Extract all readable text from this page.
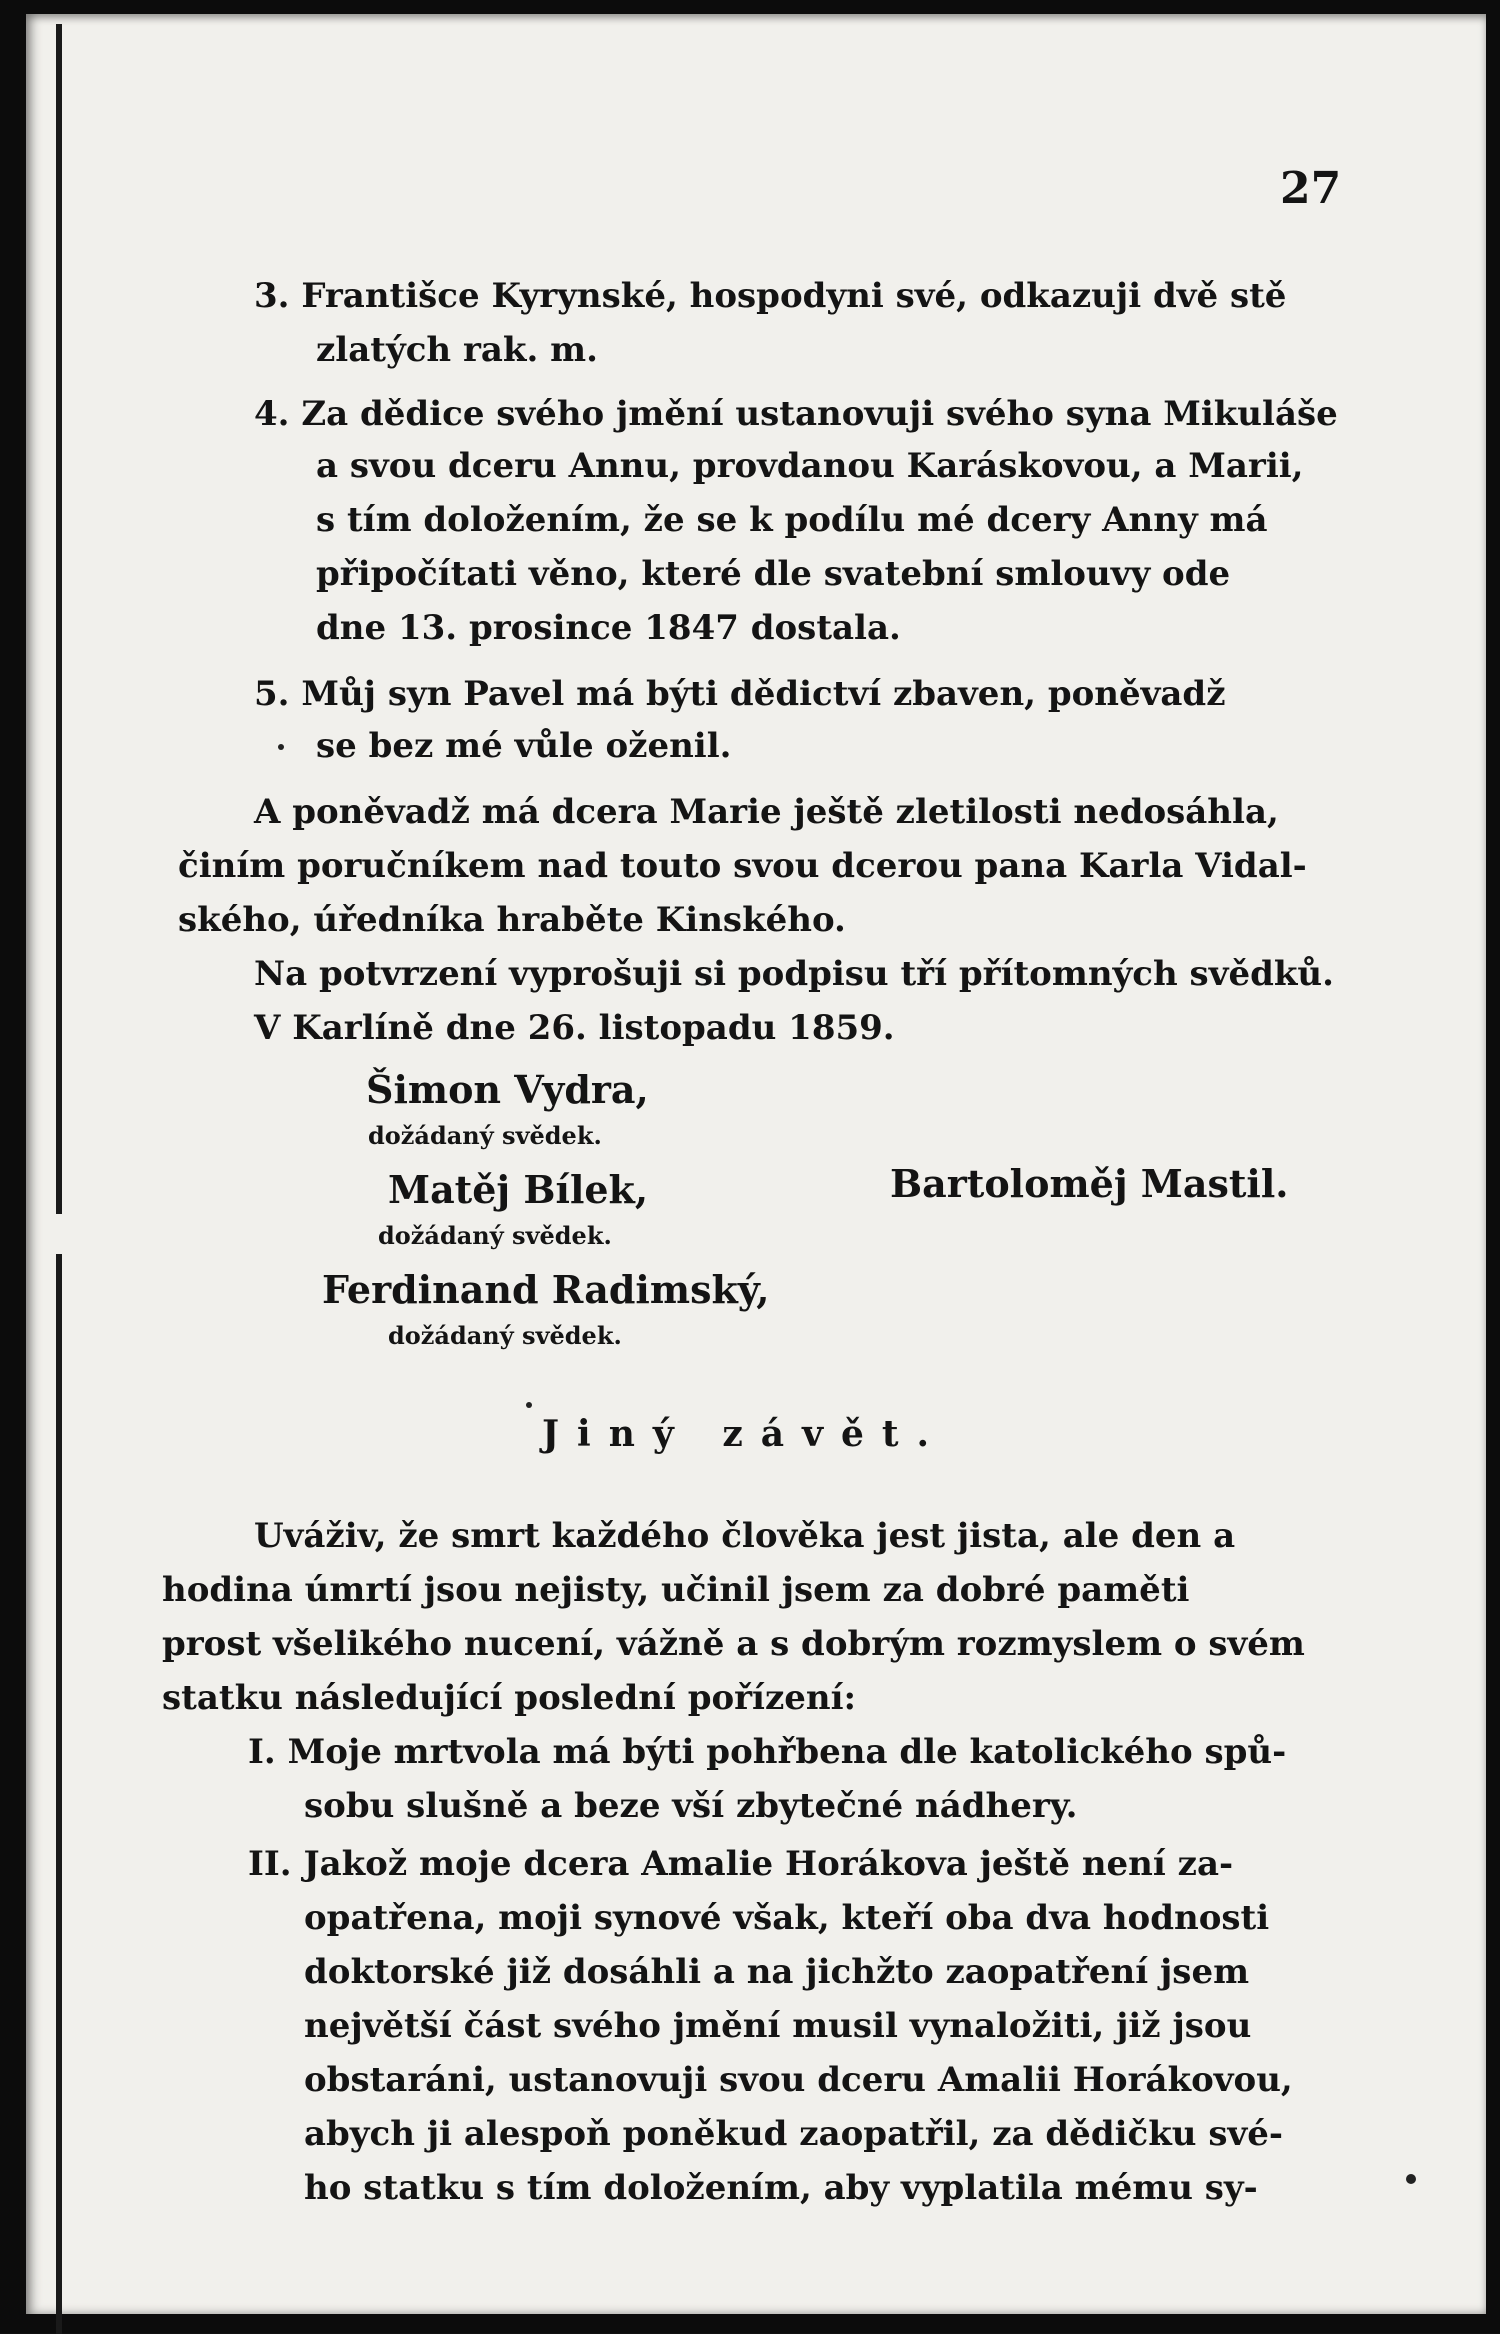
27
3. Františce Kyrynské, hospodyni své, odkazuji dvě stě
zlatých rak. m.
4. Za dědice svého jmění ustanovuji svého syna Mikuláše
a svou dceru Annu, provdanou Karáskovou, a Marii,
s tím doložením, že se k podílu mé dcery Anny má
připočítati věno, které dle svatební smlouvy ode
dne 13. prosince 1847 dostala.
5. Můj syn Pavel má býti dědictví zbaven, poněvadž
se bez mé vůle oženil.
A poněvadž má dcera Marie ještě zletilosti nedosáhla,
činím poručníkem nad touto svou dcerou pana Karla Vidal-
ského, úředníka hraběte Kinského.
Na potvrzení vyprošuji si podpisu tří přítomných svědků.
V Karlíně dne 26. listopadu 1859.
Šimon Vydra,
dožádaný svědek.
Matěj Bílek,
dožádaný svědek.
Ferdinand Radimský,
dožádaný svědek.
Bartoloměj Mastil.
Jiný závět.
Uváživ, že smrt každého člověka jest jista, ale den a
hodina úmrtí jsou nejisty, učinil jsem za dobré paměti
prost všelikého nucení, vážně a s dobrým rozmyslem o svém
statku následující poslední pořízení:
I. Moje mrtvola má býti pohřbena dle katolického spů-
sobu slušně a beze vší zbytečné nádhery.
II. Jakož moje dcera Amalie Horákova ještě není za-
opatřena, moji synové však, kteří oba dva hodnosti
doktorské již dosáhli a na jichžto zaopatření jsem
největší část svého jmění musil vynaložiti, již jsou
obstaráni, ustanovuji svou dceru Amalii Horákovou,
abych ji alespoň poněkud zaopatřil, za dědičku své-
ho statku s tím doložením, aby vyplatila mému sy-
